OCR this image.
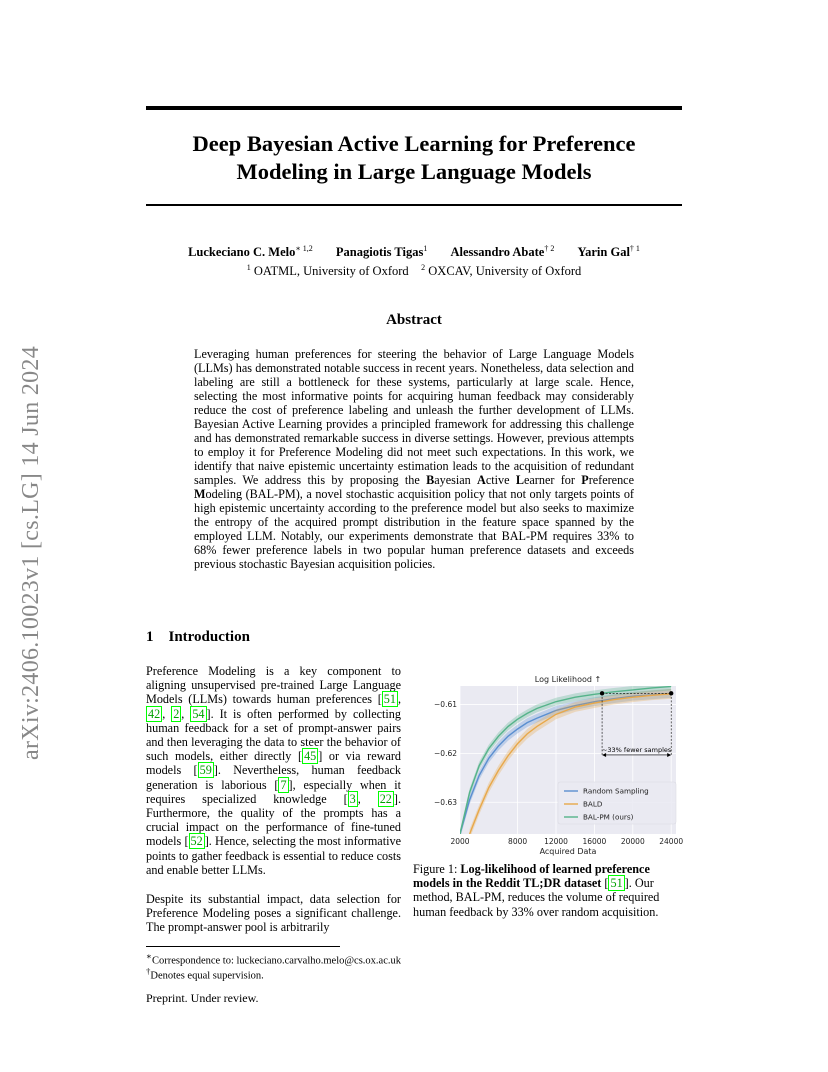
arXiv:2406.10023v1 [cs.LG] 14 Jun 2024
Deep Bayesian Active Learning for Preference
Modeling in Large Language Models
Luckeciano C. Melo$^{∗ 1,2}$ Panagiotis Tigas$^1$ Alessandro Abate$^{\dagger 2}$ Yarin Gal$^{\dagger 1}$
$^1$ OATML, University of Oxford $^2$ OXCAV, University of Oxford
Abstract
Leveraging human preferences for steering the behavior of Large Language Models (LLMs) has demonstrated notable success in recent years. Nonetheless, data selection and labeling are still a bottleneck for these systems, particularly at large scale. Hence, selecting the most informative points for acquiring human feedback may considerably reduce the cost of preference labeling and unleash the further development of LLMs. Bayesian Active Learning provides a principled framework for addressing this challenge and has demonstrated remarkable success in diverse settings. However, previous attempts to employ it for Preference Modeling did not meet such expectations. In this work, we identify that naive epistemic uncertainty estimation leads to the acquisition of redundant samples. We address this by proposing the Bayesian Active Learner for Preference Modeling (BAL-PM), a novel stochastic acquisition policy that not only targets points of high epistemic uncertainty according to the preference model but also seeks to maximize the entropy of the acquired prompt distribution in the feature space spanned by the employed LLM. Notably, our experiments demonstrate that BAL-PM requires 33% to 68% fewer preference labels in two popular human preference datasets and exceeds previous stochastic Bayesian acquisition policies.
1 Introduction
Preference Modeling is a key component to aligning unsupervised pre-trained Large Language Models (LLMs) towards human preferences [ 51 , 42 , 2 , 54 ]. It is often performed by collecting human feedback for a set of prompt-answer pairs and then leveraging the data to steer the behavior of such models, either directly [ 45 ] or via reward models [ 59 ]. Nevertheless, human feedback generation is laborious [ 7 ], especially when it requires specialized knowledge [ 3 , 22 ]. Furthermore, the quality of the prompts has a crucial impact on the performance of fine-tuned models [ 52 ]. Hence, selecting the most informative points to gather feedback is essential to reduce costs and enable better LLMs.
Despite its substantial impact, data selection for Preference Modeling poses a significant challenge. The prompt-answer pool is arbitrarily
~33% fewer samples
2000	8000 12000 16000 20000 24000
−0.61
−0.62
−0.63
Log Likelihood ↑
Acquired Data
Random Sampling
BALD
BAL-PM (ours)
Figure 1: Log-likelihood of learned preference models in the Reddit TL;DR dataset [ 51 ]. Our method, BAL-PM, reduces the volume of required human feedback by 33% over random acquisition.
∗Correspondence to: luckeciano.carvalho.melo@cs.ox.ac.uk
†Denotes equal supervision.
Preprint. Under review.
